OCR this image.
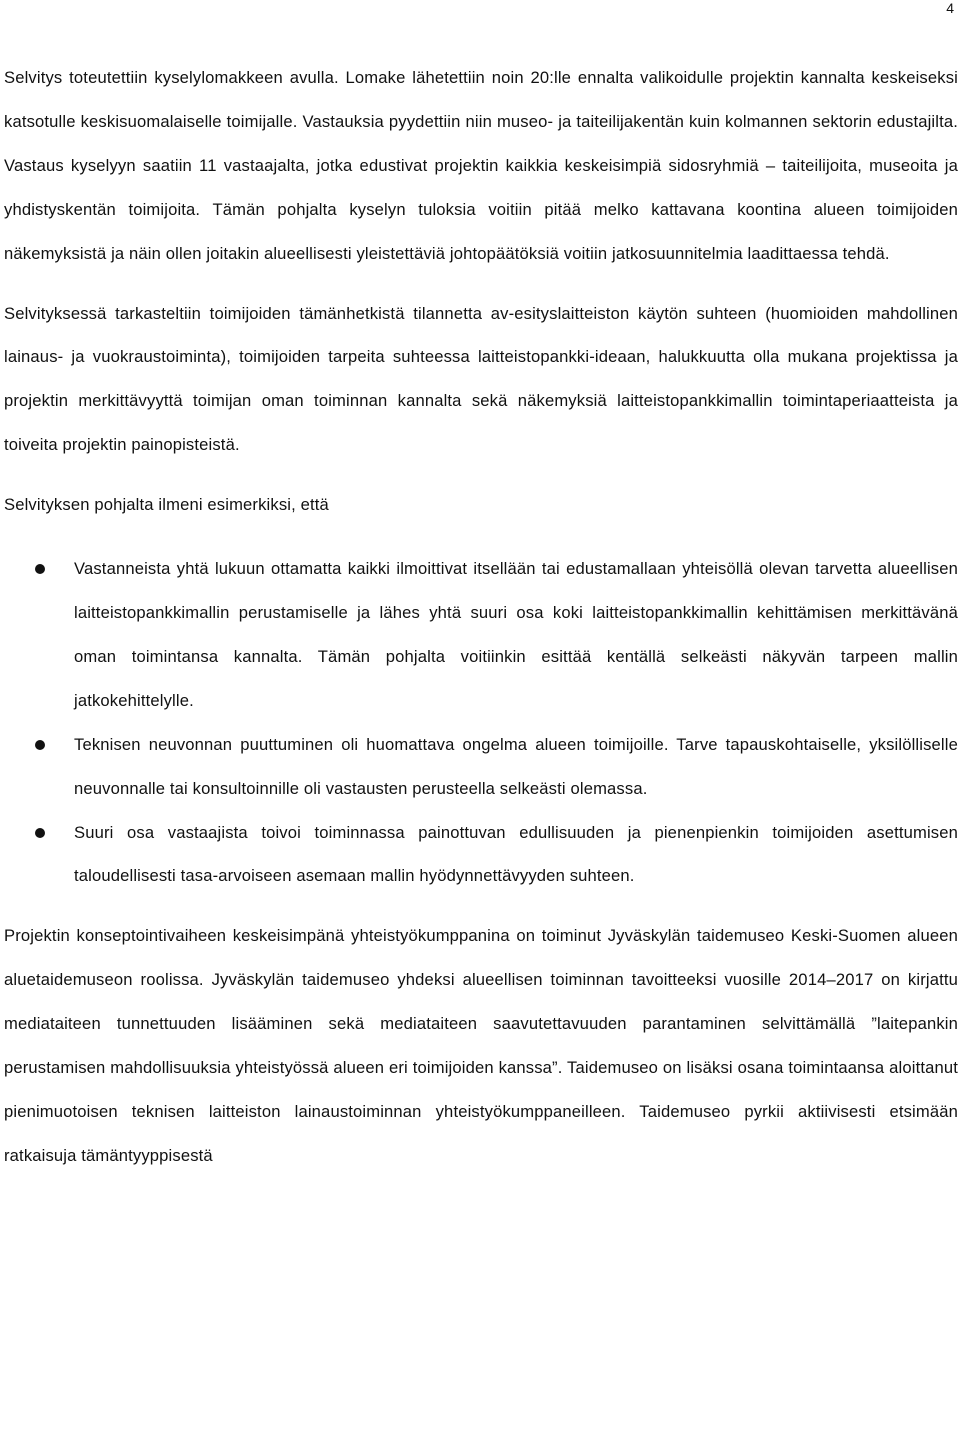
4

Selvitys toteutettiin kyselylomakkeen avulla. Lomake lähetettiin noin 20:lle ennalta valikoidulle projektin kannalta keskeiseksi katsotulle keskisuomalaiselle toimijalle. Vastauksia pyydettiin niin museo- ja taiteilijakentän kuin kolmannen sektorin edustajilta. Vastaus kyselyyn saatiin 11 vastaajalta, jotka edustivat projektin kaikkia keskeisimpiä sidosryhmiä – taiteilijoita, museoita ja yhdistyskentän toimijoita. Tämän pohjalta kyselyn tuloksia voitiin pitää melko kattavana koontina alueen toimijoiden näkemyksistä ja näin ollen joitakin alueellisesti yleistettäviä johtopäätöksiä voitiin jatkosuunnitelmia laadittaessa tehdä.

Selvityksessä tarkasteltiin toimijoiden tämänhetkistä tilannetta av-esityslaitteiston käytön suhteen (huomioiden mahdollinen lainaus- ja vuokraustoiminta), toimijoiden tarpeita suhteessa laitteistopankki-ideaan, halukkuutta olla mukana projektissa ja projektin merkittävyyttä toimijan oman toiminnan kannalta sekä näkemyksiä laitteistopankkimallin toimintaperiaatteista ja toiveita projektin painopisteistä.

Selvityksen pohjalta ilmeni esimerkiksi, että

Vastanneista yhtä lukuun ottamatta kaikki ilmoittivat itsellään tai edustamallaan yhteisöllä olevan tarvetta alueellisen laitteistopankkimallin perustamiselle ja lähes yhtä suuri osa koki laitteistopankkimallin kehittämisen merkittävänä oman toimintansa kannalta. Tämän pohjalta voitiinkin esittää kentällä selkeästi näkyvän tarpeen mallin jatkokehittelylle.
Teknisen neuvonnan puuttuminen oli huomattava ongelma alueen toimijoille. Tarve tapauskohtaiselle, yksilölliselle neuvonnalle tai konsultoinnille oli vastausten perusteella selkeästi olemassa.
Suuri osa vastaajista toivoi toiminnassa painottuvan edullisuuden ja pienenpienkin toimijoiden asettumisen taloudellisesti tasa-arvoiseen asemaan mallin hyödynnettävyyden suhteen.

Projektin konseptointivaiheen keskeisimpänä yhteistyökumppanina on toiminut Jyväskylän taidemuseo Keski-Suomen alueen aluetaidemuseon roolissa. Jyväskylän taidemuseo yhdeksi alueellisen toiminnan tavoitteeksi vuosille 2014–2017 on kirjattu mediataiteen tunnettuuden lisääminen sekä mediataiteen saavutettavuuden parantaminen selvittämällä ”laitepankin perustamisen mahdollisuuksia yhteistyössä alueen eri toimijoiden kanssa”. Taidemuseo on lisäksi osana toimintaansa aloittanut pienimuotoisen teknisen laitteiston lainaustoiminnan yhteistyökumppaneilleen. Taidemuseo pyrkii aktiivisesti etsimään ratkaisuja tämäntyyppisestä
